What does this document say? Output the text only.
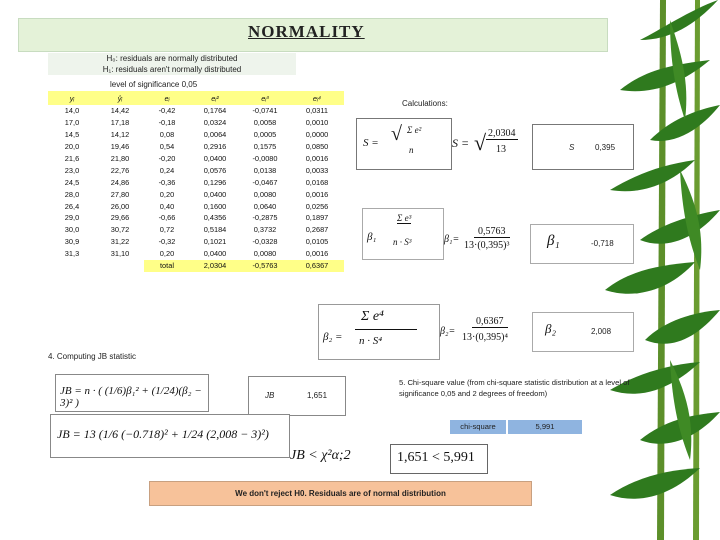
NORMALITY
H₀: residuals are normally distributed
H₁: residuals aren't normally distributed
level of significance 0,05
yᵢ	ŷᵢ	eᵢ	eᵢ²	eᵢ³	eᵢ⁴
14,0	14,42	-0,42	0,1764	-0,0741	0,0311
17,0	17,18	-0,18	0,0324	0,0058	0,0010
14,5	14,12	0,08	0,0064	0,0005	0,0000
20,0	19,46	0,54	0,2916	0,1575	0,0850
21,6	21,80	-0,20	0,0400	-0,0080	0,0016
23,0	22,76	0,24	0,0576	0,0138	0,0033
24,5	24,86	-0,36	0,1296	-0,0467	0,0168
28,0	27,80	0,20	0,0400	0,0080	0,0016
26,4	26,00	0,40	0,1600	0,0640	0,0256
29,0	29,66	-0,66	0,4356	-0,2875	0,1897
30,0	30,72	0,72	0,5184	0,3732	0,2687
30,9	31,22	-0,32	0,1021	-0,0328	0,0105
31,3	31,10	0,20	0,0400	0,0080	0,0016
		total	2,0304	-0,5763	0,6367
Calculations:
S = √ Σ e²
n	S = √ 2,0304
13	S	0,395
β₁
Σ e³
n · S³	β₁=
0,5763
13·(0,395)³	β₁	-0,718
β₂ =
Σ e⁴
n · S⁴
β₂=
0,6367
13·(0,395)⁴
β₂	2,008
4. Computing JB statistic
JB = n · ( (1/6)β₁² + (1/24)(β₂ − 3)² )
JB	1,651
JB = 13 (1/6 (−0.718)² + 1/24 (2,008 − 3)²)
JB < χ²α;2	1,651 < 5,991
5. Chi-square value (from chi-square statistic distribution at a level of significance 0,05 and 2 degrees of freedom)
chi-square	5,991
We don't reject H0. Residuals are of normal distribution
